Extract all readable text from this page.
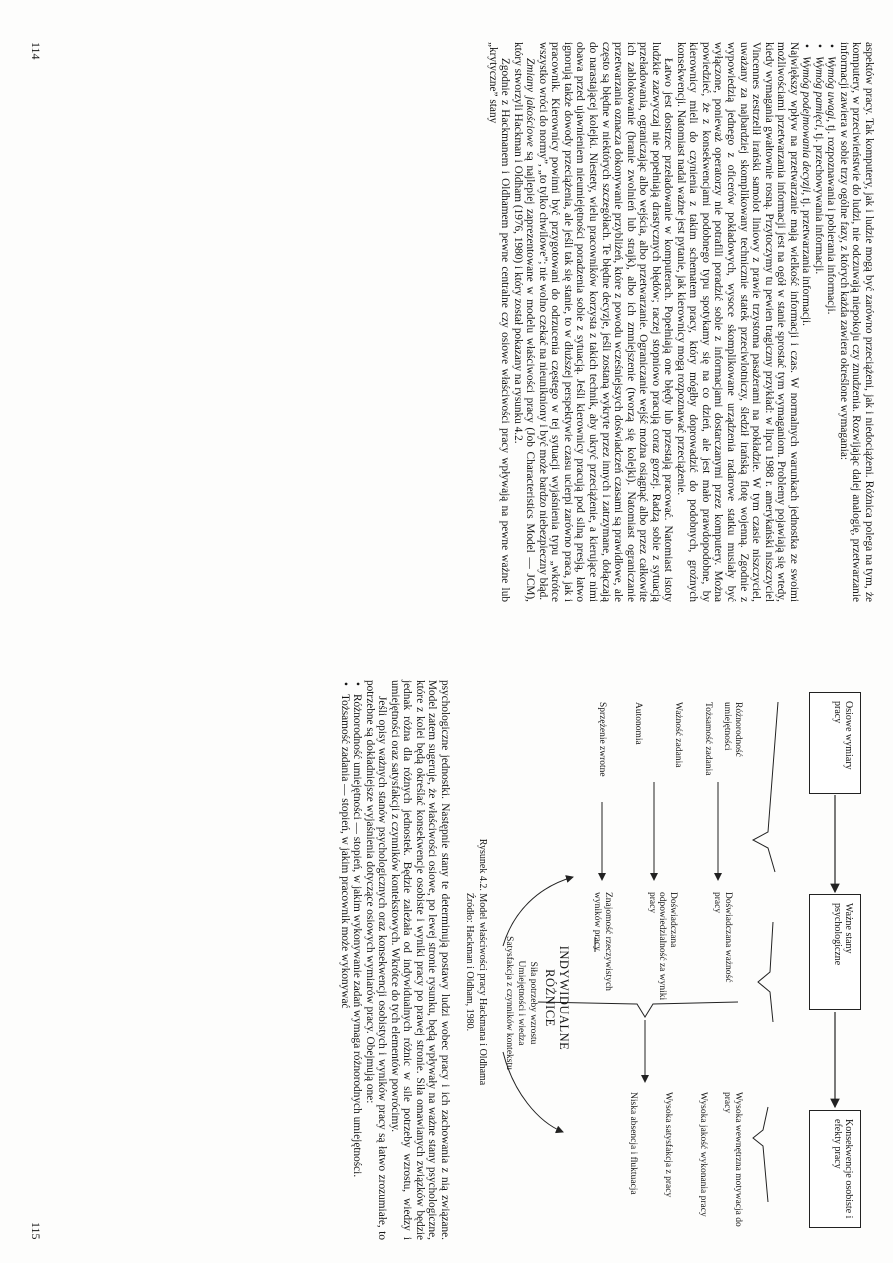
aspektów pracy. Tak komputery, jak i ludzie mogą być zarówno przeciążeni, jak i niedociążeni. Różnica polega na tym, że komputery, w przeciwieństwie do ludzi, nie odczuwają niepokoju czy znudzenia. Rozwijając dalej analogię, przetwarzanie informacji zawiera w sobie trzy ogólne fazy, z których każda zawiera określone wymagania:

• Wymóg uwagi, tj. rozpoznawania i pobierania informacji.
• Wymóg pamięci, tj. przechowywania informacji.
• Wymóg podejmowania decyzji, tj. przetwarzania informacji.

Największy wpływ na przetwarzanie mają wielkość informacji i czas. W normalnych warunkach jednostka ze swoimi możliwościami przetwarzania informacji jest na ogół w stanie sprostać tym wymaganiom. Problemy pojawiają się wtedy, kiedy wymagania gwałtownie rosną. Przytoczymy tu pewien tragiczny przykład: w lipcu 1988 r. amerykański niszczyciel Vincennes zestrzelił irański samolot liniowy z prawie trzystoma pasażerami na pokładzie. W tym czasie niszczyciel, uważany za najbardziej skomplikowany technicznie statek przeciwlotniczy, śledził irańską flotę wojenną. Zgodnie z wypowiedzią jednego z oficerów pokładowych, wysoce skomplikowane urządzenia radarowe statku musiały być wyłączone, ponieważ operatorzy nie potrafili poradzić sobie z informacjami dostarczanymi przez komputery. Można powiedzieć, że z konsekwencjami podobnego typu spotykamy się na co dzień, ale jest mało prawdopodobne, by kierownicy mieli do czynienia z takim schematem pracy, który mógłby doprowadzić do podobnych, groźnych konsekwencji. Natomiast nadal ważne jest pytanie, jak kierownicy mogą rozpoznawać przeciążenie.

Łatwo jest dostrzec przeładowanie w komputerach. Popełniają one błędy lub przestają pracować. Natomiast istoty ludzkie zazwyczaj nie popełniają drastycznych błędów; raczej stopniowo pracują coraz gorzej. Radzą sobie z sytuacją przeładowania, ograniczając albo wejścia, albo przetwarzanie. Ograniczanie wejść można osiągnąć albo przez całkowite ich zablokowanie (branie zwolnień lub strajk), albo ich zmniejszenie (tworzą się kolejki). Natomiast ograniczanie przetwarzania oznacza dokonywanie przybliżeń, które z powodu wcześniejszych doświadczeń czasami są prawidłowe, ale często są błędne w niektórych szczegółach. Te błędne decyzje, jeśli zostaną wykryte przez innych i zatrzymane, dołączają do narastającej kolejki. Niestety, wielu pracowników korzysta z takich technik, aby ukryć przeciążenie, a kierujące nimi obawa przed ujawnieniem nieumiejętności poradzenia sobie z sytuacją. Jeśli kierownicy pracują pod silną presją, łatwo ignorują także dowody przeciążenia, ale jeśli tak się stanie, to w dłuższej perspektywie czasu ucierpi zarówno praca, jak i pracownik. Kierownicy powinni być przygotowani do odrzucenia częstego w tej sytuacji wyjaśnienia typu „wkrótce wszystko wróci do normy”, „to tylko chwilowe”; nie wolno czekać na nieunikniony i być może bardzo niebezpieczny błąd.

Zmiany jakościowe są najlepiej zaprezentowane w modelu właściwości pracy (Job Characteristics Model — JCM), który stworzyli Hackman i Oldham (1976, 1980) i który został pokazany na rysunku 4.2.

Zgodnie z Hackmanem i Oldhamem pewne centralne czy osiowe właściwości pracy wpływają na pewne ważne lub „krytyczne” stany

114
Osiowe wymiary pracy
Ważne stany psychologiczne
Konsekwencje osobiste i efekty pracy
Różnorodność umiejętności
Tożsamość zadania
Ważność zadania
Autonomia
Sprzężenie zwrotne
Doświadczana ważność pracy
Doświadczana odpowiedzialność za wyniki pracy
Znajomość rzeczywistych wyników pracy
Wysoka wewnętrzna motywacja do pracy
Wysoka jakość wykonania pracy
Wysoka satysfakcja z pracy
Niska absencja i fluktuacja
INDYWIDUALNE RÓŻNICE
Siła potrzeby wzrostu
Umiejętności i wiedza
Satysfakcja z czynników kontekstu
Rysunek 4.2. Model właściwości pracy Hackmana i Oldhama
Źródło: Hackman i Oldham, 1980.

psychologiczne jednostki. Następnie stany te determinują postawy ludzi wobec pracy i ich zachowania z nią związane. Model zatem sugeruje, że właściwości osiowe, po lewej stronie rysunku, będą wpływały na ważne stany psychologiczne, które z kolei będą określać konsekwencje osobiste i wyniki pracy po prawej stronie. Siła omawianych związków będzie jednak różna dla różnych jednostek. Będzie zależała od indywidualnych różnic w sile potrzeby wzrostu, wiedzy i umiejętności oraz satysfakcji z czynników kontekstowych. Wkrótce do tych elementów powrócimy.

Jeśli opisy ważnych stanów psychologicznych oraz konsekwencji osobistych i wyników pracy są łatwo zrozumiałe, to potrzebne są dokładniejsze wyjaśnienia dotyczące osiowych wymiarów pracy. Obejmują one:

• Różnorodność umiejętności — stopień, w jakim wykonywanie zadań wymaga różnorodnych umiejętności.
• Tożsamość zadania — stopień, w jakim pracownik może wykonywać
115
